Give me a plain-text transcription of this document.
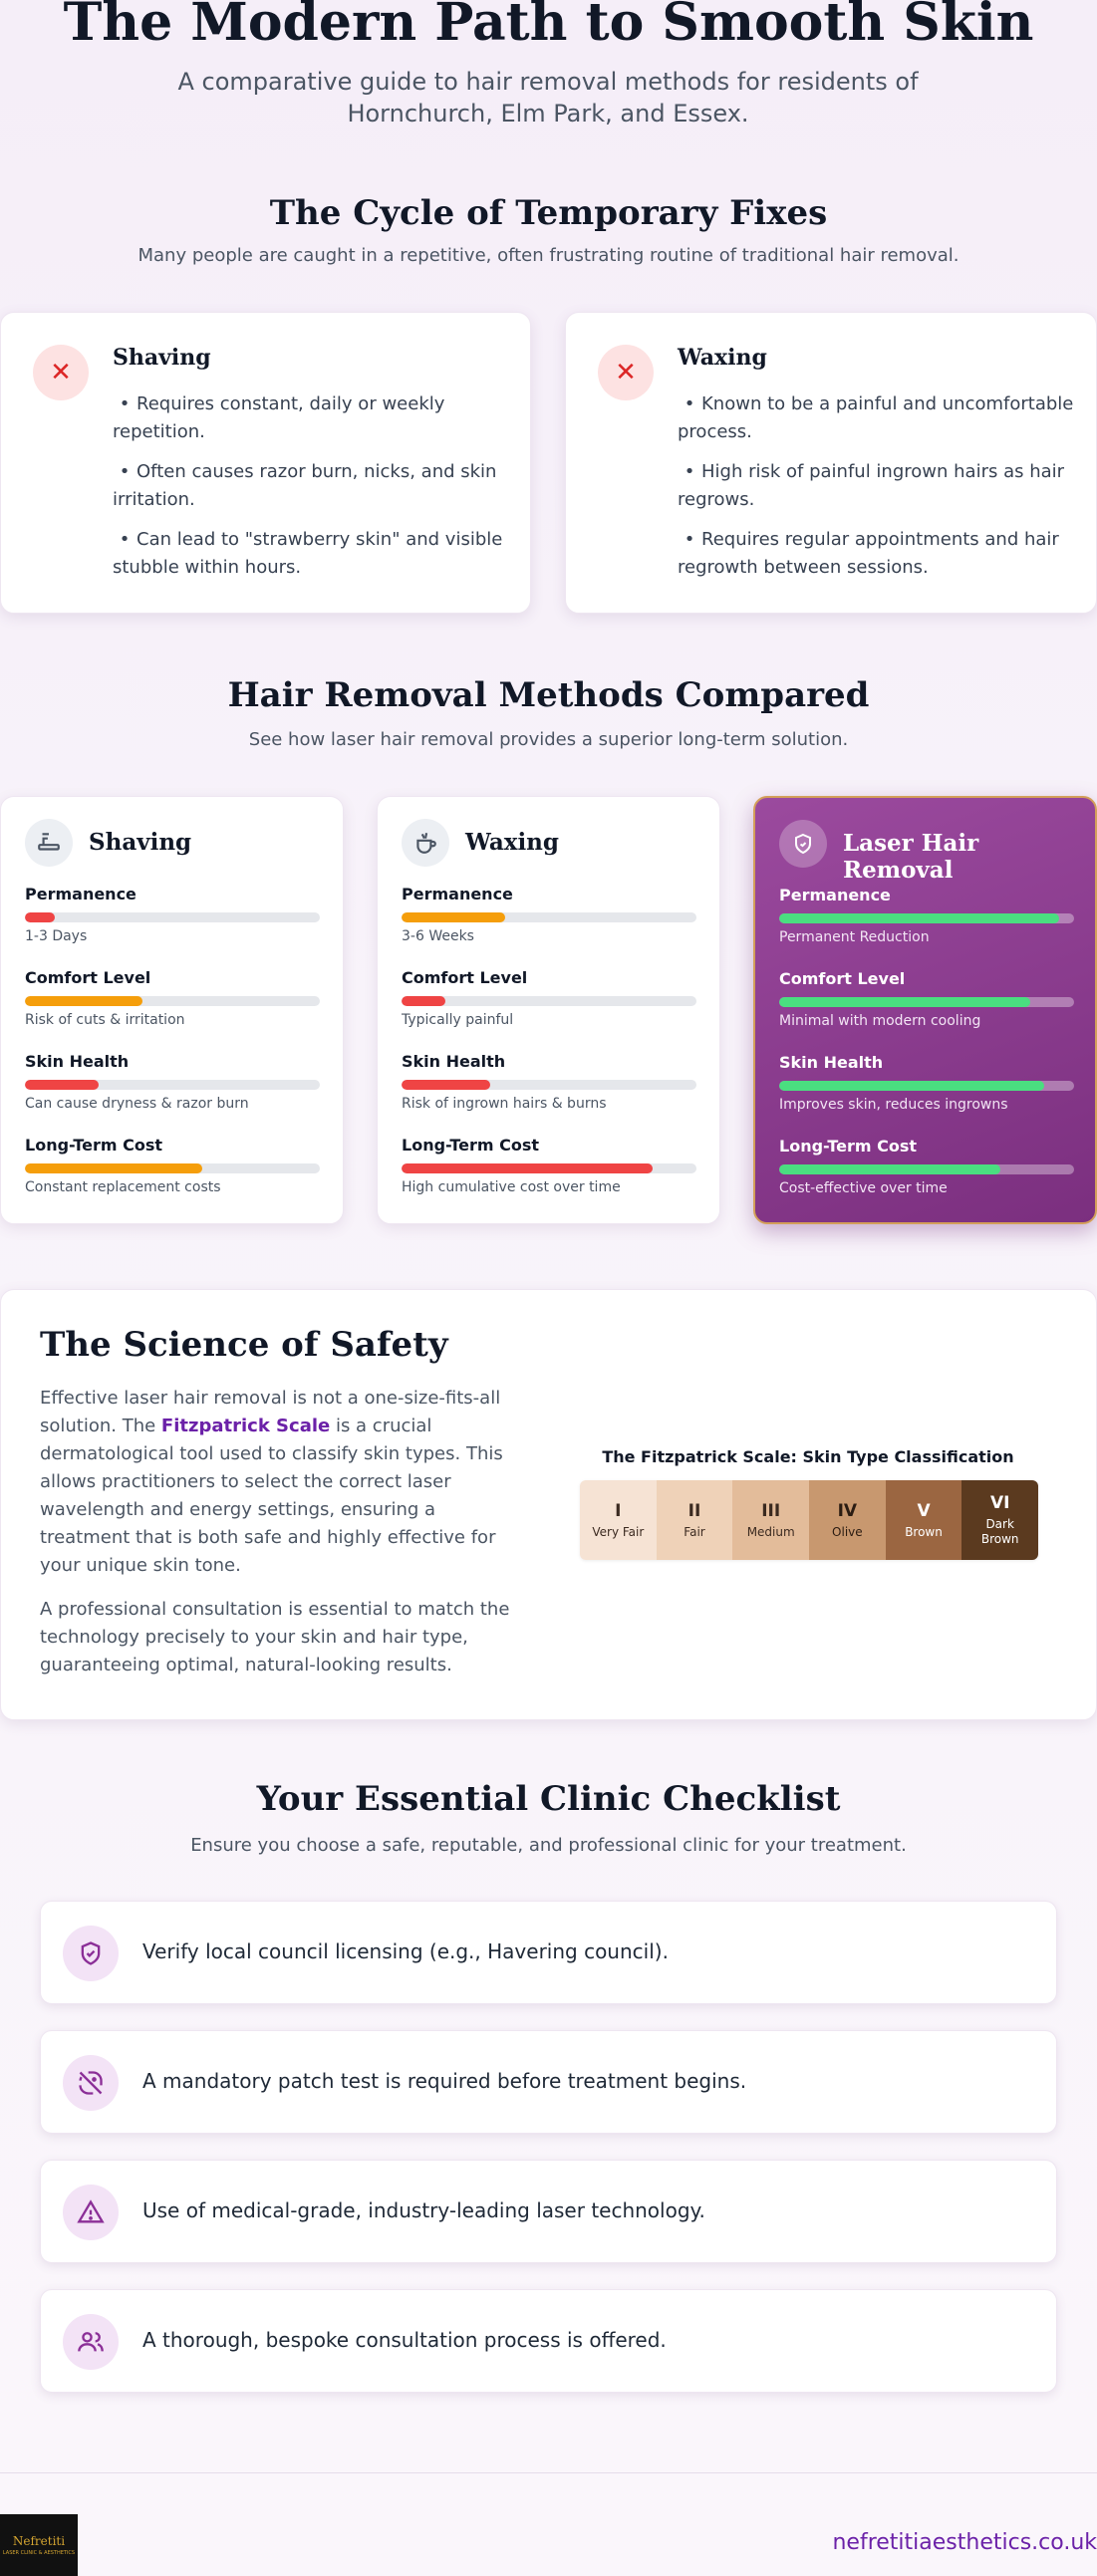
The Modern Path to Smooth Skin

A comparative guide to hair removal methods for residents of Hornchurch, Elm Park, and Essex.

The Cycle of Temporary Fixes

Many people are caught in a repetitive, often frustrating routine of traditional hair removal.

✕	Shaving
• Requires constant, daily or weekly repetition.
• Often causes razor burn, nicks, and skin irritation.
• Can lead to "strawberry skin" and visible stubble within hours.
✕	Waxing
• Known to be a painful and uncomfortable process.
• High risk of painful ingrown hairs as hair regrows.
• Requires regular appointments and hair regrowth between sessions.
Hair Removal Methods Compared

See how laser hair removal provides a superior long-term solution.

Shaving
Permanence
1-3 Days
Comfort Level
Risk of cuts & irritation
Skin Health
Can cause dryness & razor burn
Long-Term Cost
Constant replacement costs
Waxing
Permanence
3-6 Weeks
Comfort Level
Typically painful
Skin Health
Risk of ingrown hairs & burns
Long-Term Cost
High cumulative cost over time
Laser Hair Removal
Permanence
Permanent Reduction
Comfort Level
Minimal with modern cooling
Skin Health
Improves skin, reduces ingrowns
Long-Term Cost
Cost-effective over time
The Science of Safety

Effective laser hair removal is not a one-size-fits-all solution. The Fitzpatrick Scale is a crucial dermatological tool used to classify skin types. This allows practitioners to select the correct laser wavelength and energy settings, ensuring a treatment that is both safe and highly effective for your unique skin tone.

A professional consultation is essential to match the technology precisely to your skin and hair type, guaranteeing optimal, natural-looking results.

The Fitzpatrick Scale: Skin Type Classification
I
Very Fair
II
Fair
III
Medium
IV
Olive
V
Brown
VI
Dark Brown
Your Essential Clinic Checklist

Ensure you choose a safe, reputable, and professional clinic for your treatment.

Verify local council licensing (e.g., Havering council).
A mandatory patch test is required before treatment begins.
Use of medical-grade, industry-leading laser technology.
A thorough, bespoke consultation process is offered.
Nefretiti
LASER CLINIC & AESTHETICS	nefretitiaesthetics.co.uk
